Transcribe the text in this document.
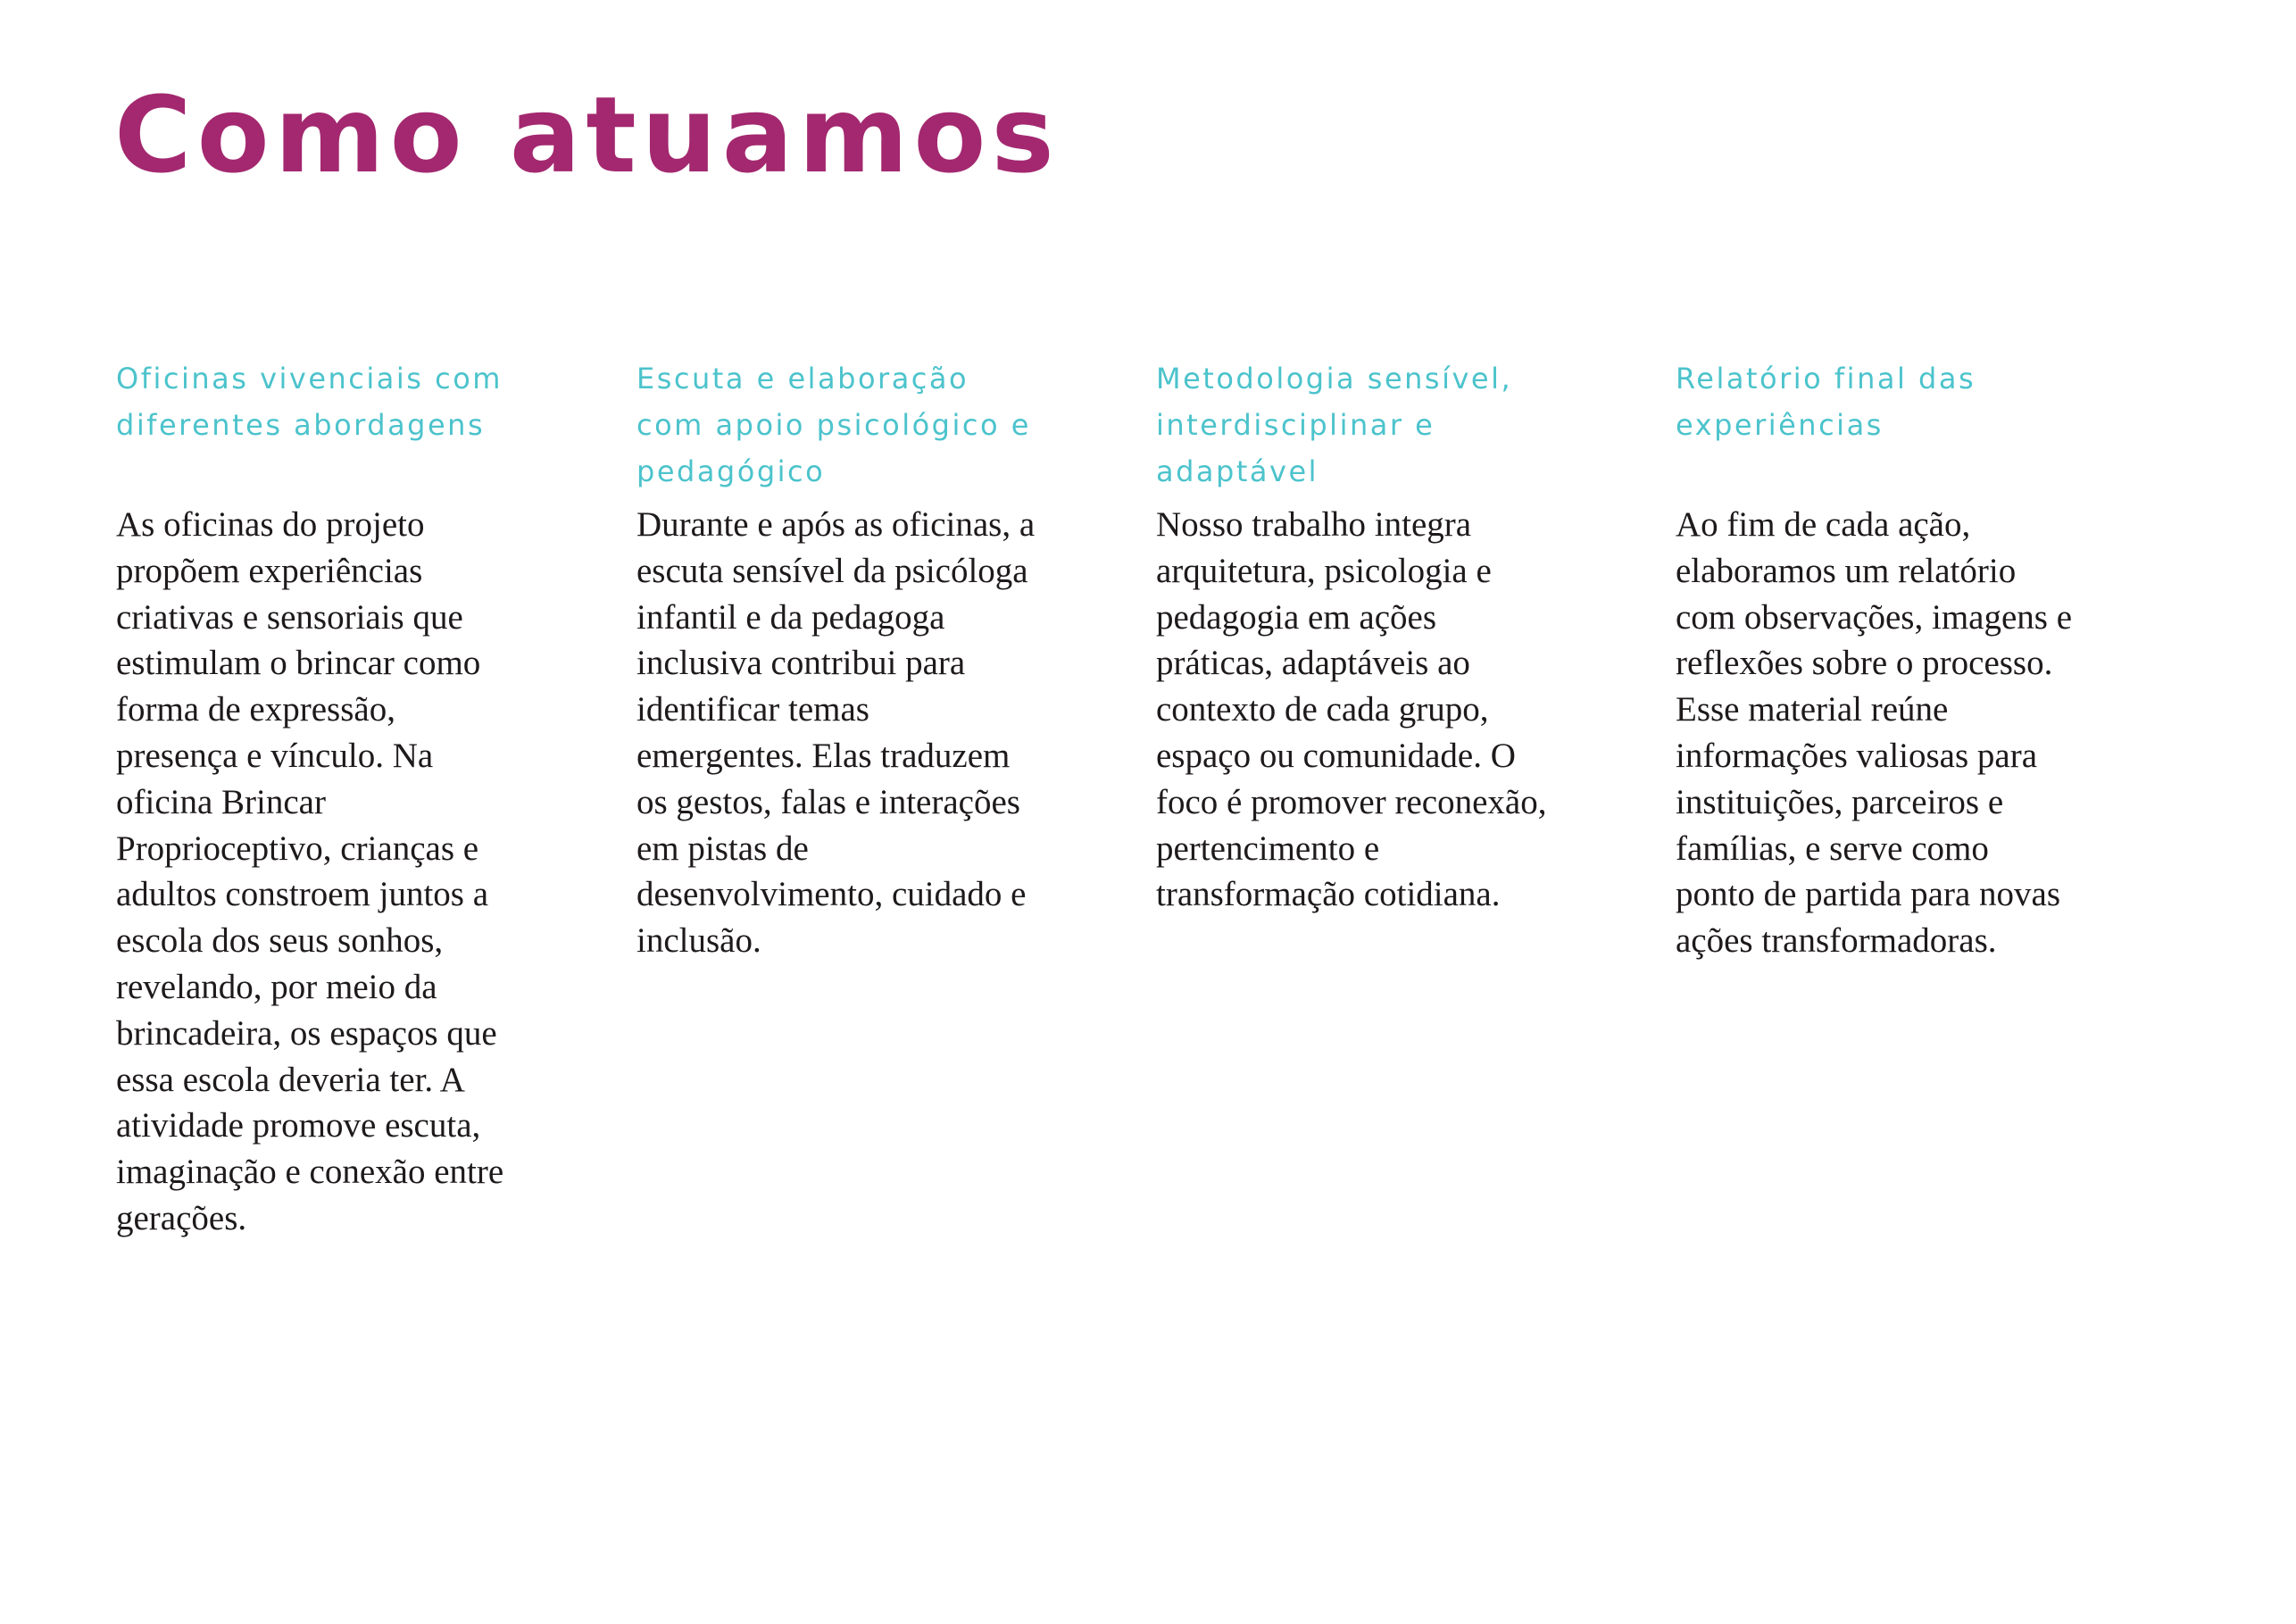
Como atuamos
Oficinas vivenciais com
diferentes abordagens

As oficinas do projeto
propõem experiências
criativas e sensoriais que
estimulam o brincar como
forma de expressão,
presença e vínculo. Na
oficina Brincar
Proprioceptivo, crianças e
adultos constroem juntos a
escola dos seus sonhos,
revelando, por meio da
brincadeira, os espaços que
essa escola deveria ter. A
atividade promove escuta,
imaginação e conexão entre
gerações.

Escuta e elaboração
com apoio psicológico e
pedagógico

Durante e após as oficinas, a
escuta sensível da psicóloga
infantil e da pedagoga
inclusiva contribui para
identificar temas
emergentes. Elas traduzem
os gestos, falas e interações
em pistas de
desenvolvimento, cuidado e
inclusão.

Metodologia sensível,
interdisciplinar e
adaptável

Nosso trabalho integra
arquitetura, psicologia e
pedagogia em ações
práticas, adaptáveis ao
contexto de cada grupo,
espaço ou comunidade. O
foco é promover reconexão,
pertencimento e
transformação cotidiana.

Relatório final das
experiências

Ao fim de cada ação,
elaboramos um relatório
com observações, imagens e
reflexões sobre o processo.
Esse material reúne
informações valiosas para
instituições, parceiros e
famílias, e serve como
ponto de partida para novas
ações transformadoras.
